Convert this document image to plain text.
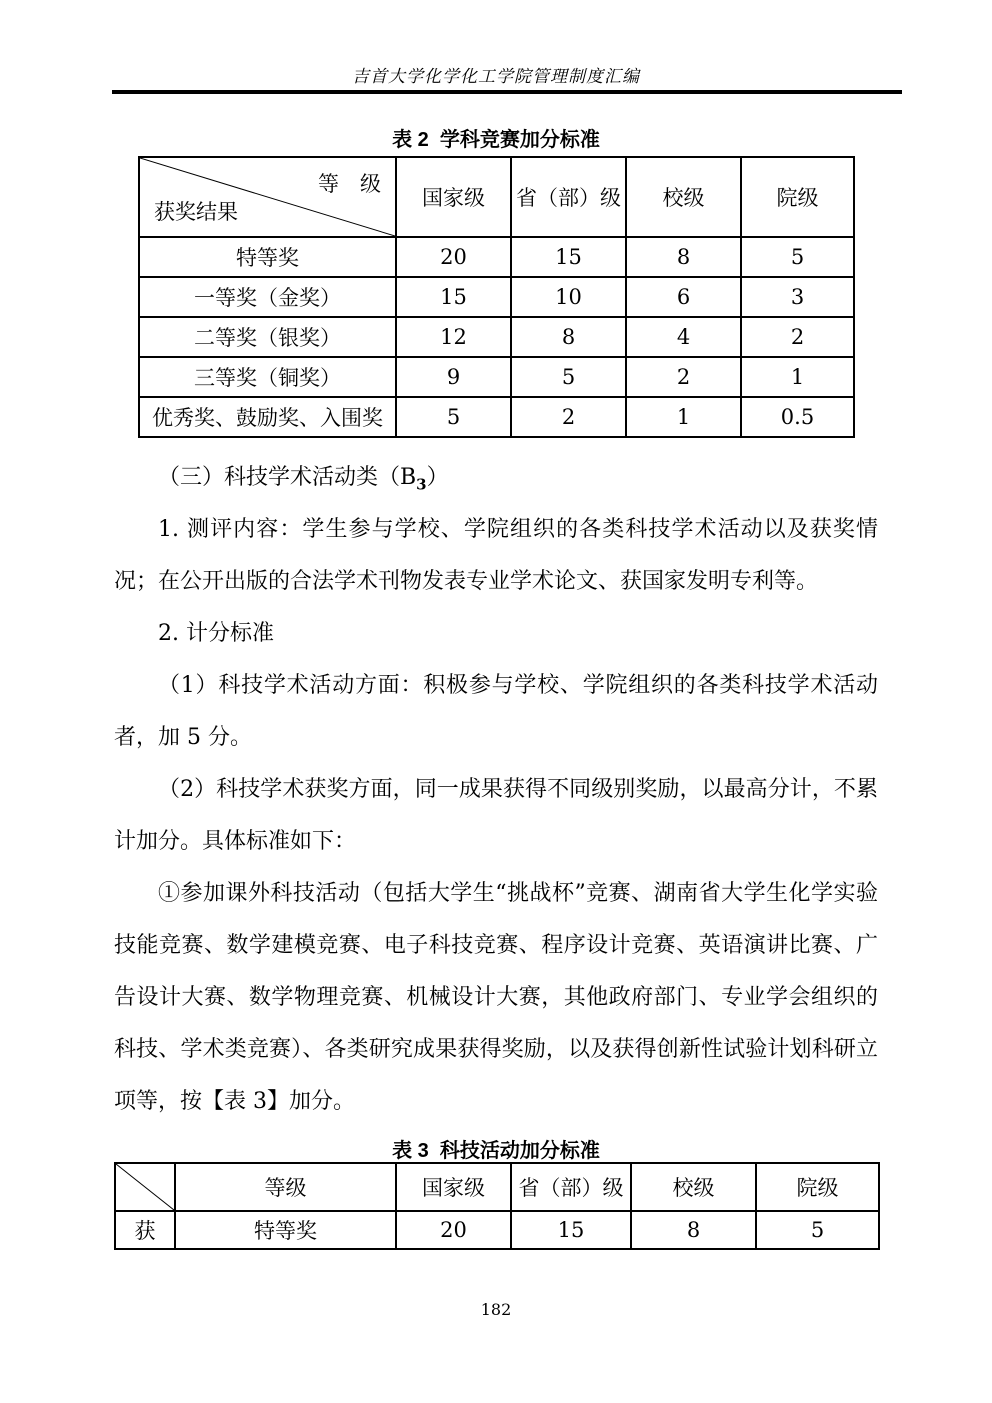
吉首大学化学化工学院管理制度汇编
表 2  学科竞赛加分标准
等　级
获奖结果	国家级	省（部）级	校级	院级
特等奖	20	15	8	5
一等奖（金奖）	15	10	6	3
二等奖（银奖）	12	8	4	2
三等奖（铜奖）	9	5	2	1
优秀奖、鼓励奖、入围奖	5	2	1	0.5

（三）科技学术活动类$(B_3)$

1. 测评内容：学生参与学校、学院组织的各类科技学术活动以及获奖情况；在公开出版的合法学术刊物发表专业学术论文、获国家发明专利等。

2. 计分标准

（1）科技学术活动方面：积极参与学校、学院组织的各类科技学术活动者，加 5 分。

（2）科技学术获奖方面，同一成果获得不同级别奖励，以最高分计，不累计加分。具体标准如下：

①参加课外科技活动（包括大学生“挑战杯”竞赛、湖南省大学生化学实验技能竞赛、数学建模竞赛、电子科技竞赛、程序设计竞赛、英语演讲比赛、广告设计大赛、数学物理竞赛、机械设计大赛，其他政府部门、专业学会组织的科技、学术类竞赛）、各类研究成果获得奖励，以及获得创新性试验计划科研立项等，按【表 3】加分。

表 3  科技活动加分标准
	等级	国家级	省（部）级	校级	院级
获	特等奖	20	15	8	5
182
